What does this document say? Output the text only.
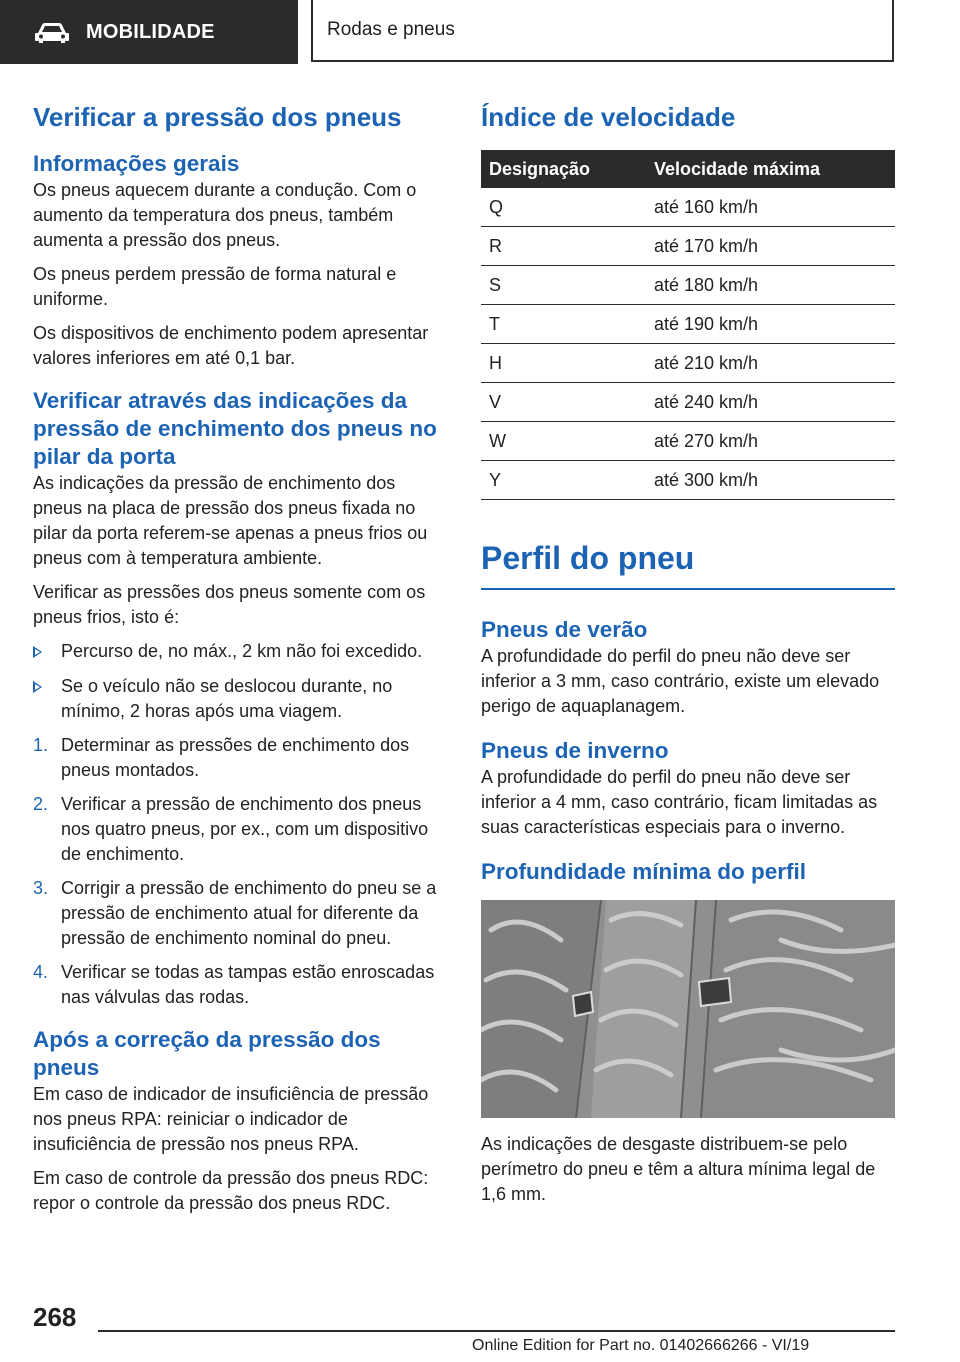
MOBILIDADE	Rodas e pneus
Verificar a pressão dos pneus
Informações gerais

Os pneus aquecem durante a condução. Com o aumento da temperatura dos pneus, também aumenta a pressão dos pneus.

Os pneus perdem pressão de forma natural e uniforme.

Os dispositivos de enchimento podem apresentar valores inferiores em até 0,1 bar.

Verificar através das indicações da pressão de enchimento dos pneus no pilar da porta

As indicações da pressão de enchimento dos pneus na placa de pressão dos pneus fixada no pilar da porta referem-se apenas a pneus frios ou pneus com à temperatura ambiente.

Verificar as pressões dos pneus somente com os pneus frios, isto é:

Percurso de, no máx., 2 km não foi excedido.
Se o veículo não se deslocou durante, no mínimo, 2 horas após uma viagem.
1. Determinar as pressões de enchimento dos pneus montados.
2. Verificar a pressão de enchimento dos pneus nos quatro pneus, por ex., com um dispositivo de enchimento.
3. Corrigir a pressão de enchimento do pneu se a pressão de enchimento atual for diferente da pressão de enchimento nominal do pneu.
4. Verificar se todas as tampas estão enroscadas nas válvulas das rodas.
Após a correção da pressão dos pneus

Em caso de indicador de insuficiência de pressão nos pneus RPA: reiniciar o indicador de insuficiência de pressão nos pneus RPA.

Em caso de controle da pressão dos pneus RDC: repor o controle da pressão dos pneus RDC.

Índice de velocidade
Designação	Velocidade máxima
Q	até 160 km/h
R	até 170 km/h
S	até 180 km/h
T	até 190 km/h
H	até 210 km/h
V	até 240 km/h
W	até 270 km/h
Y	até 300 km/h
Perfil do pneu
Pneus de verão

A profundidade do perfil do pneu não deve ser inferior a 3 mm, caso contrário, existe um elevado perigo de aquaplanagem.

Pneus de inverno

A profundidade do perfil do pneu não deve ser inferior a 4 mm, caso contrário, ficam limitadas as suas características especiais para o inverno.

Profundidade mínima do perfil

As indicações de desgaste distribuem-se pelo perímetro do pneu e têm a altura mínima legal de 1,6 mm.

268
Online Edition for Part no. 01402666266 - VI/19
